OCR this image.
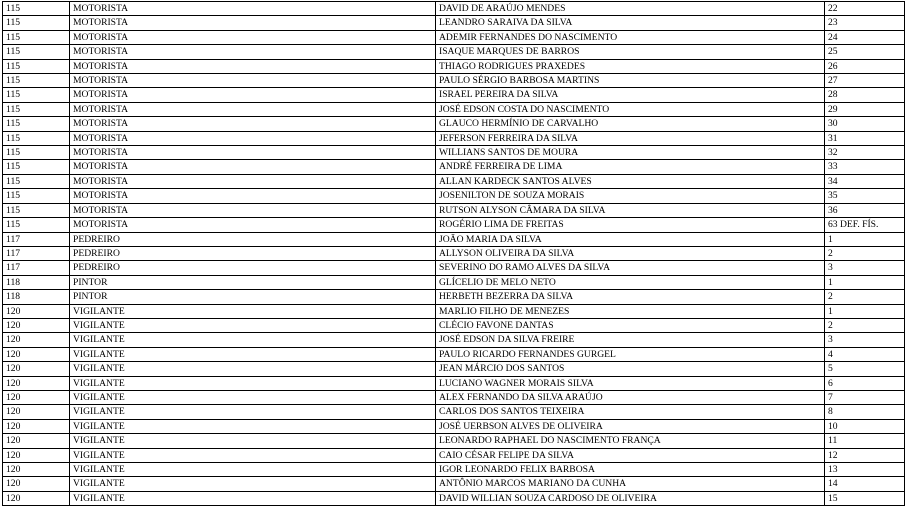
115	MOTORISTA	DAVID DE ARAÚJO MENDES	22
115	MOTORISTA	LEANDRO SARAIVA DA SILVA	23
115	MOTORISTA	ADEMIR FERNANDES DO NASCIMENTO	24
115	MOTORISTA	ISAQUE MARQUES DE BARROS	25
115	MOTORISTA	THIAGO RODRIGUES PRAXEDES	26
115	MOTORISTA	PAULO SÉRGIO BARBOSA MARTINS	27
115	MOTORISTA	ISRAEL PEREIRA DA SILVA	28
115	MOTORISTA	JOSÉ EDSON COSTA DO NASCIMENTO	29
115	MOTORISTA	GLAUCO HERMÍNIO DE CARVALHO	30
115	MOTORISTA	JEFERSON FERREIRA DA SILVA	31
115	MOTORISTA	WILLIANS SANTOS DE MOURA	32
115	MOTORISTA	ANDRÉ FERREIRA DE LIMA	33
115	MOTORISTA	ALLAN KARDECK SANTOS ALVES	34
115	MOTORISTA	JOSENILTON DE SOUZA MORAIS	35
115	MOTORISTA	RUTSON ALYSON CÂMARA DA SILVA	36
115	MOTORISTA	ROGÉRIO LIMA DE FREITAS	63 DEF. FÍS.
117	PEDREIRO	JOÃO MARIA DA SILVA	1
117	PEDREIRO	ALLYSON OLIVEIRA DA SILVA	2
117	PEDREIRO	SEVERINO DO RAMO ALVES DA SILVA	3
118	PINTOR	GLÍCELIO DE MELO NETO	1
118	PINTOR	HERBETH BEZERRA DA SILVA	2
120	VIGILANTE	MARLIO FILHO DE MENEZES	1
120	VIGILANTE	CLÉCIO FAVONE DANTAS	2
120	VIGILANTE	JOSÉ EDSON DA SILVA FREIRE	3
120	VIGILANTE	PAULO RICARDO FERNANDES GURGEL	4
120	VIGILANTE	JEAN MÁRCIO DOS SANTOS	5
120	VIGILANTE	LUCIANO WAGNER MORAIS SILVA	6
120	VIGILANTE	ALEX FERNANDO DA SILVA ARAÚJO	7
120	VIGILANTE	CARLOS DOS SANTOS TEIXEIRA	8
120	VIGILANTE	JOSÉ UERBSON ALVES DE OLIVEIRA	10
120	VIGILANTE	LEONARDO RAPHAEL DO NASCIMENTO FRANÇA	11
120	VIGILANTE	CAIO CÉSAR FELIPE DA SILVA	12
120	VIGILANTE	IGOR LEONARDO FELIX BARBOSA	13
120	VIGILANTE	ANTÔNIO MARCOS MARIANO DA CUNHA	14
120	VIGILANTE	DAVID WILLIAN SOUZA CARDOSO DE OLIVEIRA	15
